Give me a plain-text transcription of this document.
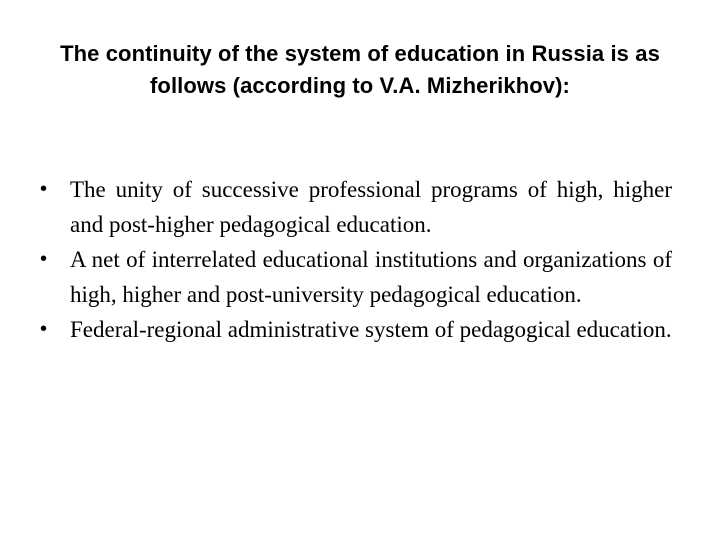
The continuity of the system of education in Russia is as follows (according to V.A. Mizherikhov):
• The unity of successive professional programs of high, higher and post-higher pedagogical education.
• A net of interrelated educational institutions and organizations of high, higher and post-university pedagogical education.
• Federal-regional administrative system of pedagogical education.
